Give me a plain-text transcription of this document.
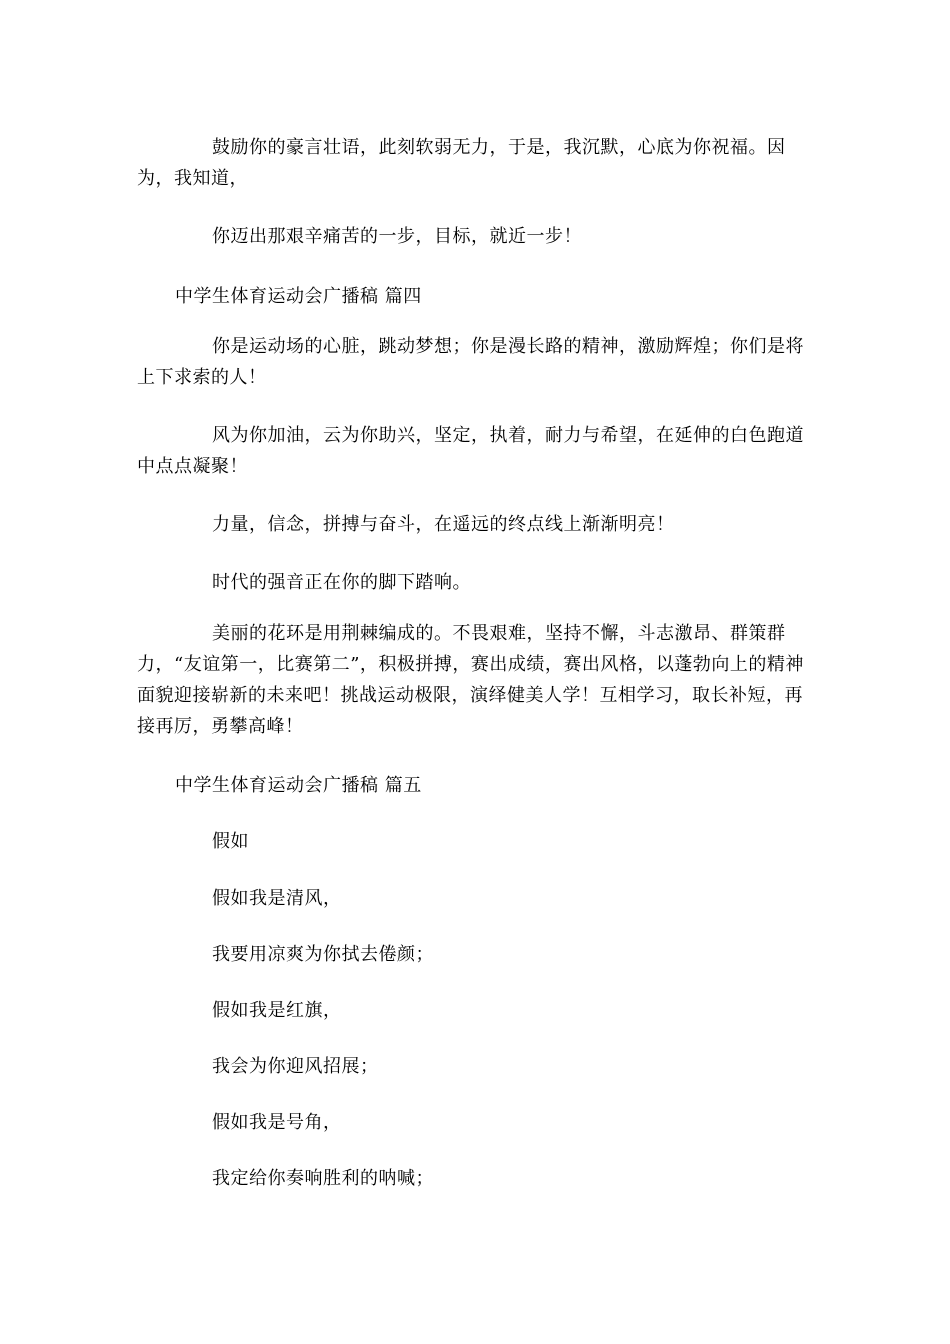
鼓励你的豪言壮语，此刻软弱无力，于是，我沉默，心底为你祝福。因为，我知道，

你迈出那艰辛痛苦的一步，目标，就近一步！

中学生体育运动会广播稿 篇四

你是运动场的心脏，跳动梦想；你是漫长路的精神，激励辉煌；你们是将上下求索的人！

风为你加油，云为你助兴，坚定，执着，耐力与希望，在延伸的白色跑道中点点凝聚！

力量，信念，拼搏与奋斗，在遥远的终点线上渐渐明亮！

时代的强音正在你的脚下踏响。

美丽的花环是用荆棘编成的。不畏艰难，坚持不懈，斗志激昂、群策群力，“友谊第一，比赛第二”，积极拼搏，赛出成绩，赛出风格，以蓬勃向上的精神面貌迎接崭新的未来吧！挑战运动极限，演绎健美人学！互相学习，取长补短，再接再厉，勇攀高峰！

中学生体育运动会广播稿 篇五

假如

假如我是清风，

我要用凉爽为你拭去倦颜；

假如我是红旗，

我会为你迎风招展；

假如我是号角，

我定给你奏响胜利的呐喊；
